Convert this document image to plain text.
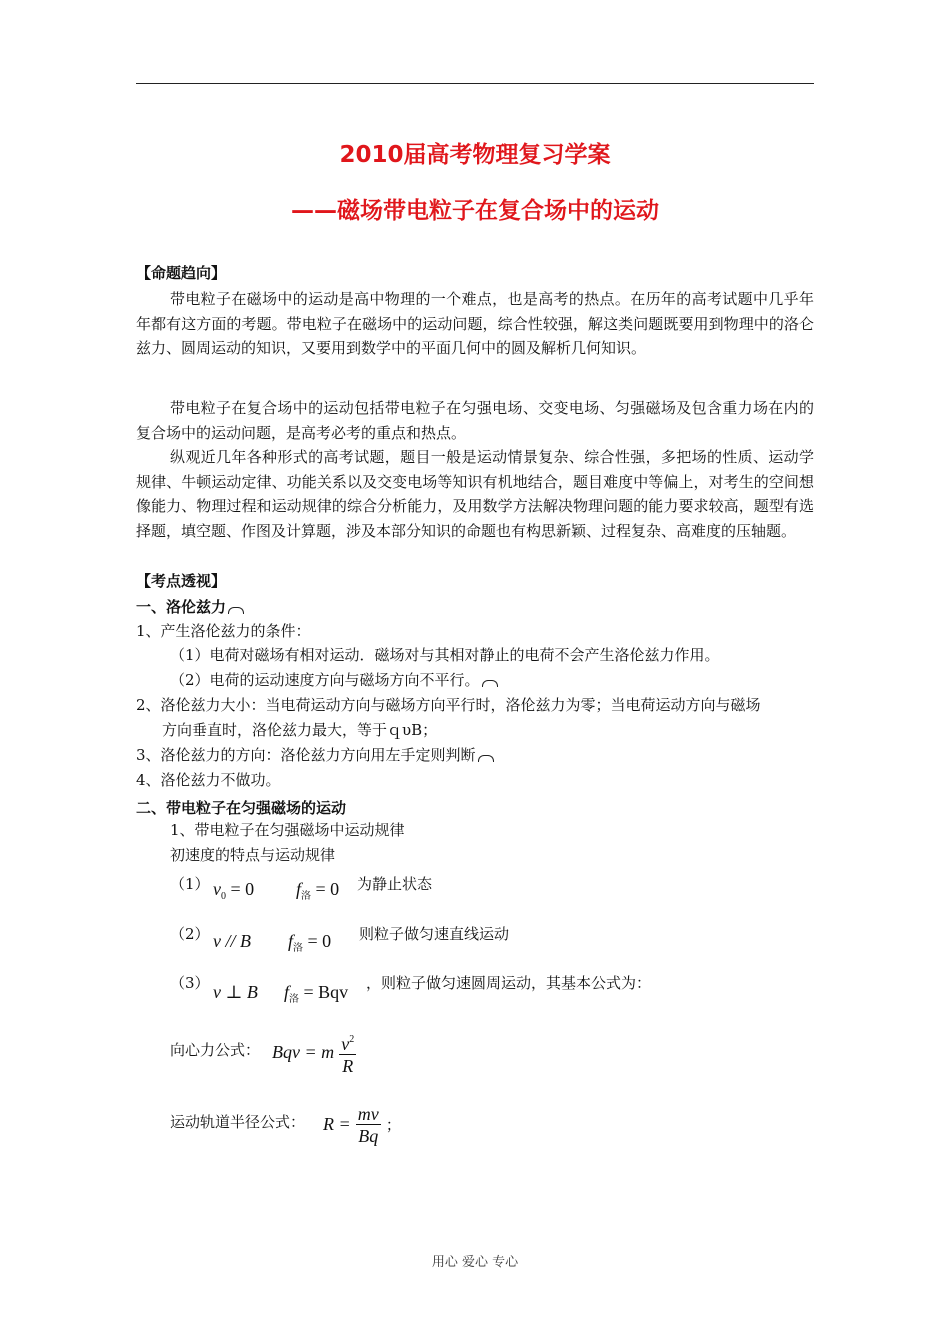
2010届高考物理复习学案
——磁场带电粒子在复合场中的运动
【命题趋向】
带电粒子在磁场中的运动是高中物理的一个难点，也是高考的热点。在历年的高考试题中几乎年年都有这方面的考题。带电粒子在磁场中的运动问题，综合性较强，解这类问题既要用到物理中的洛仑兹力、圆周运动的知识，又要用到数学中的平面几何中的圆及解析几何知识。
带电粒子在复合场中的运动包括带电粒子在匀强电场、交变电场、匀强磁场及包含重力场在内的复合场中的运动问题，是高考必考的重点和热点。
纵观近几年各种形式的高考试题，题目一般是运动情景复杂、综合性强，多把场的性质、运动学规律、牛顿运动定律、功能关系以及交变电场等知识有机地结合，题目难度中等偏上，对考生的空间想像能力、物理过程和运动规律的综合分析能力，及用数学方法解决物理问题的能力要求较高，题型有选择题，填空题、作图及计算题，涉及本部分知识的命题也有构思新颖、过程复杂、高难度的压轴题。
【考点透视】
一、洛伦兹力
1、产生洛伦兹力的条件：
（1）电荷对磁场有相对运动．磁场对与其相对静止的电荷不会产生洛伦兹力作用。
（2）电荷的运动速度方向与磁场方向不平行。
2、洛伦兹力大小：当电荷运动方向与磁场方向平行时，洛伦兹力为零；当电荷运动方向与磁场
方向垂直时，洛伦兹力最大，等于ｑυB；
3、洛伦兹力的方向：洛伦兹力方向用左手定则判断
4、洛伦兹力不做功。
二、带电粒子在匀强磁场的运动
1、带电粒子在匀强磁场中运动规律
初速度的特点与运动规律
（1） $v_0 = 0$ $f_洛 = 0$ 为静止状态
（2） v // B $f_洛 = 0$ 则粒子做匀速直线运动
（3） v ⊥ B $f_洛$ = Bqv ，则粒子做匀速圆周运动，其基本公式为：
向心力公式： Bqv = m $\frac{v^2}{R}$
运动轨道半径公式： $R = \frac{mv}{Bq}$ ；
用心 爱心 专心
